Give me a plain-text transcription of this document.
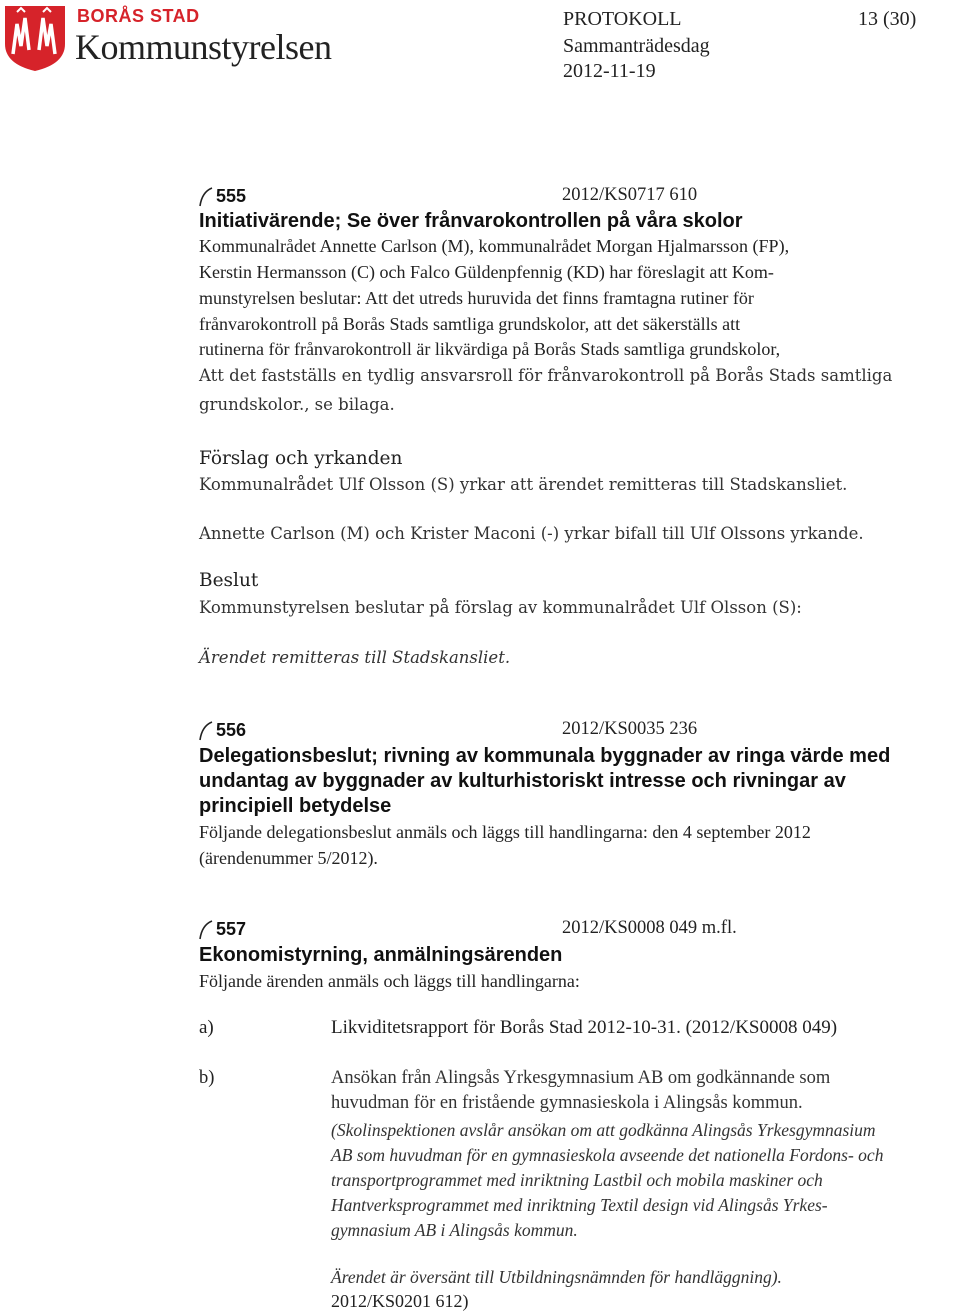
BORÅS STAD
Kommunstyrelsen
PROTOKOLL	13 (30)
Sammanträdesdag
2012-11-19
555	2012/KS0717 610
Initiativärende; Se över frånvarokontrollen på våra skolor
Kommunalrådet Annette Carlson (M), kommunalrådet Morgan Hjalmarsson (FP),
Kerstin Hermansson (C) och Falco Güldenpfennig (KD) har föreslagit att Kom-
munstyrelsen beslutar: Att det utreds huruvida det finns framtagna rutiner för
frånvarokontroll på Borås Stads samtliga grundskolor, att det säkerställs att
rutinerna för frånvarokontroll är likvärdiga på Borås Stads samtliga grundskolor,
Att det fastställs en tydlig ansvarsroll för frånvarokontroll på Borås Stads samtliga
grundskolor., se bilaga.
Förslag och yrkanden
Kommunalrådet Ulf Olsson (S) yrkar att ärendet remitteras till Stadskansliet.
Annette Carlson (M) och Krister Maconi (-) yrkar bifall till Ulf Olssons yrkande.
Beslut
Kommunstyrelsen beslutar på förslag av kommunalrådet Ulf Olsson (S):
Ärendet remitteras till Stadskansliet.
556	2012/KS0035 236
Delegationsbeslut; rivning av kommunala byggnader av ringa värde med
undantag av byggnader av kulturhistoriskt intresse och rivningar av
principiell betydelse
Följande delegationsbeslut anmäls och läggs till handlingarna: den 4 september 2012
(ärendenummer 5/2012).
557	2012/KS0008 049 m.fl.
Ekonomistyrning, anmälningsärenden
Följande ärenden anmäls och läggs till handlingarna:
a)	Likviditetsrapport för Borås Stad 2012-10-31. (2012/KS0008 049)
b)	Ansökan från Alingsås Yrkesgymnasium AB om godkännande som
huvudman för en fristående gymnasieskola i Alingsås kommun.
(Skolinspektionen avslår ansökan om att godkänna Alingsås Yrkesgymnasium
AB som huvudman för en gymnasieskola avseende det nationella Fordons- och
transportprogrammet med inriktning Lastbil och mobila maskiner och
Hantverksprogrammet med inriktning Textil design vid Alingsås Yrkes-
gymnasium AB i Alingsås kommun.
Ärendet är översänt till Utbildningsnämnden för handläggning).
2012/KS0201 612)
